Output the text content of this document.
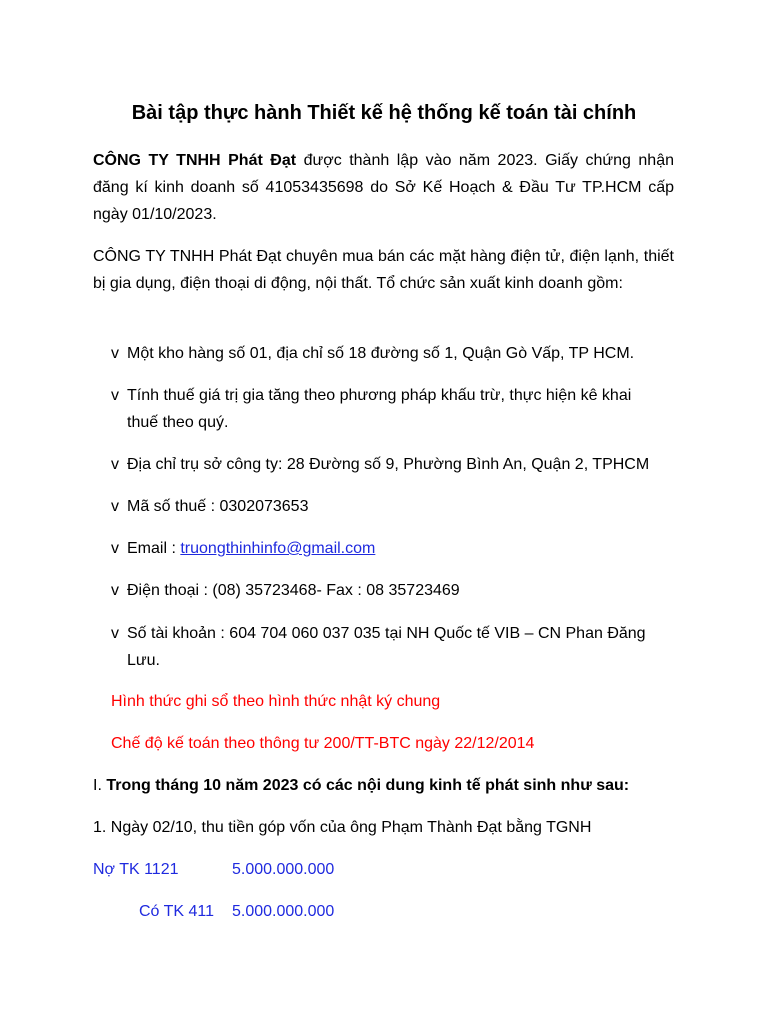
Bài tập thực hành Thiết kế hệ thống kế toán tài chính
CÔNG TY TNHH Phát Đạt được thành lập vào năm 2023. Giấy chứng nhận đăng kí kinh doanh số 41053435698 do Sở Kế Hoạch & Đầu Tư TP.HCM cấp ngày 01/10/2023.
CÔNG TY TNHH Phát Đạt chuyên mua bán các mặt hàng điện tử, điện lạnh, thiết bị gia dụng, điện thoại di động, nội thất. Tổ chức sản xuất kinh doanh gồm:
v Một kho hàng số 01, địa chỉ số 18 đường số 1, Quận Gò Vấp, TP HCM.
v Tính thuế giá trị gia tăng theo phương pháp khấu trừ, thực hiện kê khai
thuế theo quý.
v Địa chỉ trụ sở công ty: 28 Đường số 9, Phường Bình An, Quận 2, TPHCM
v Mã số thuế : 0302073653
v Email : truongthinhinfo@gmail.com
v Điện thoại : (08) 35723468- Fax : 08 35723469
v Số tài khoản : 604 704 060 037 035 tại NH Quốc tế VIB – CN Phan Đăng
Lưu.
Hình thức ghi sổ theo hình thức nhật ký chung
Chế độ kế toán theo thông tư 200/TT-BTC ngày 22/12/2014
I. Trong tháng 10 năm 2023 có các nội dung kinh tế phát sinh như sau:
1. Ngày 02/10, thu tiền góp vốn của ông Phạm Thành Đạt bằng TGNH
Nợ TK 1121	5.000.000.000
Có TK 411 5.000.000.000
